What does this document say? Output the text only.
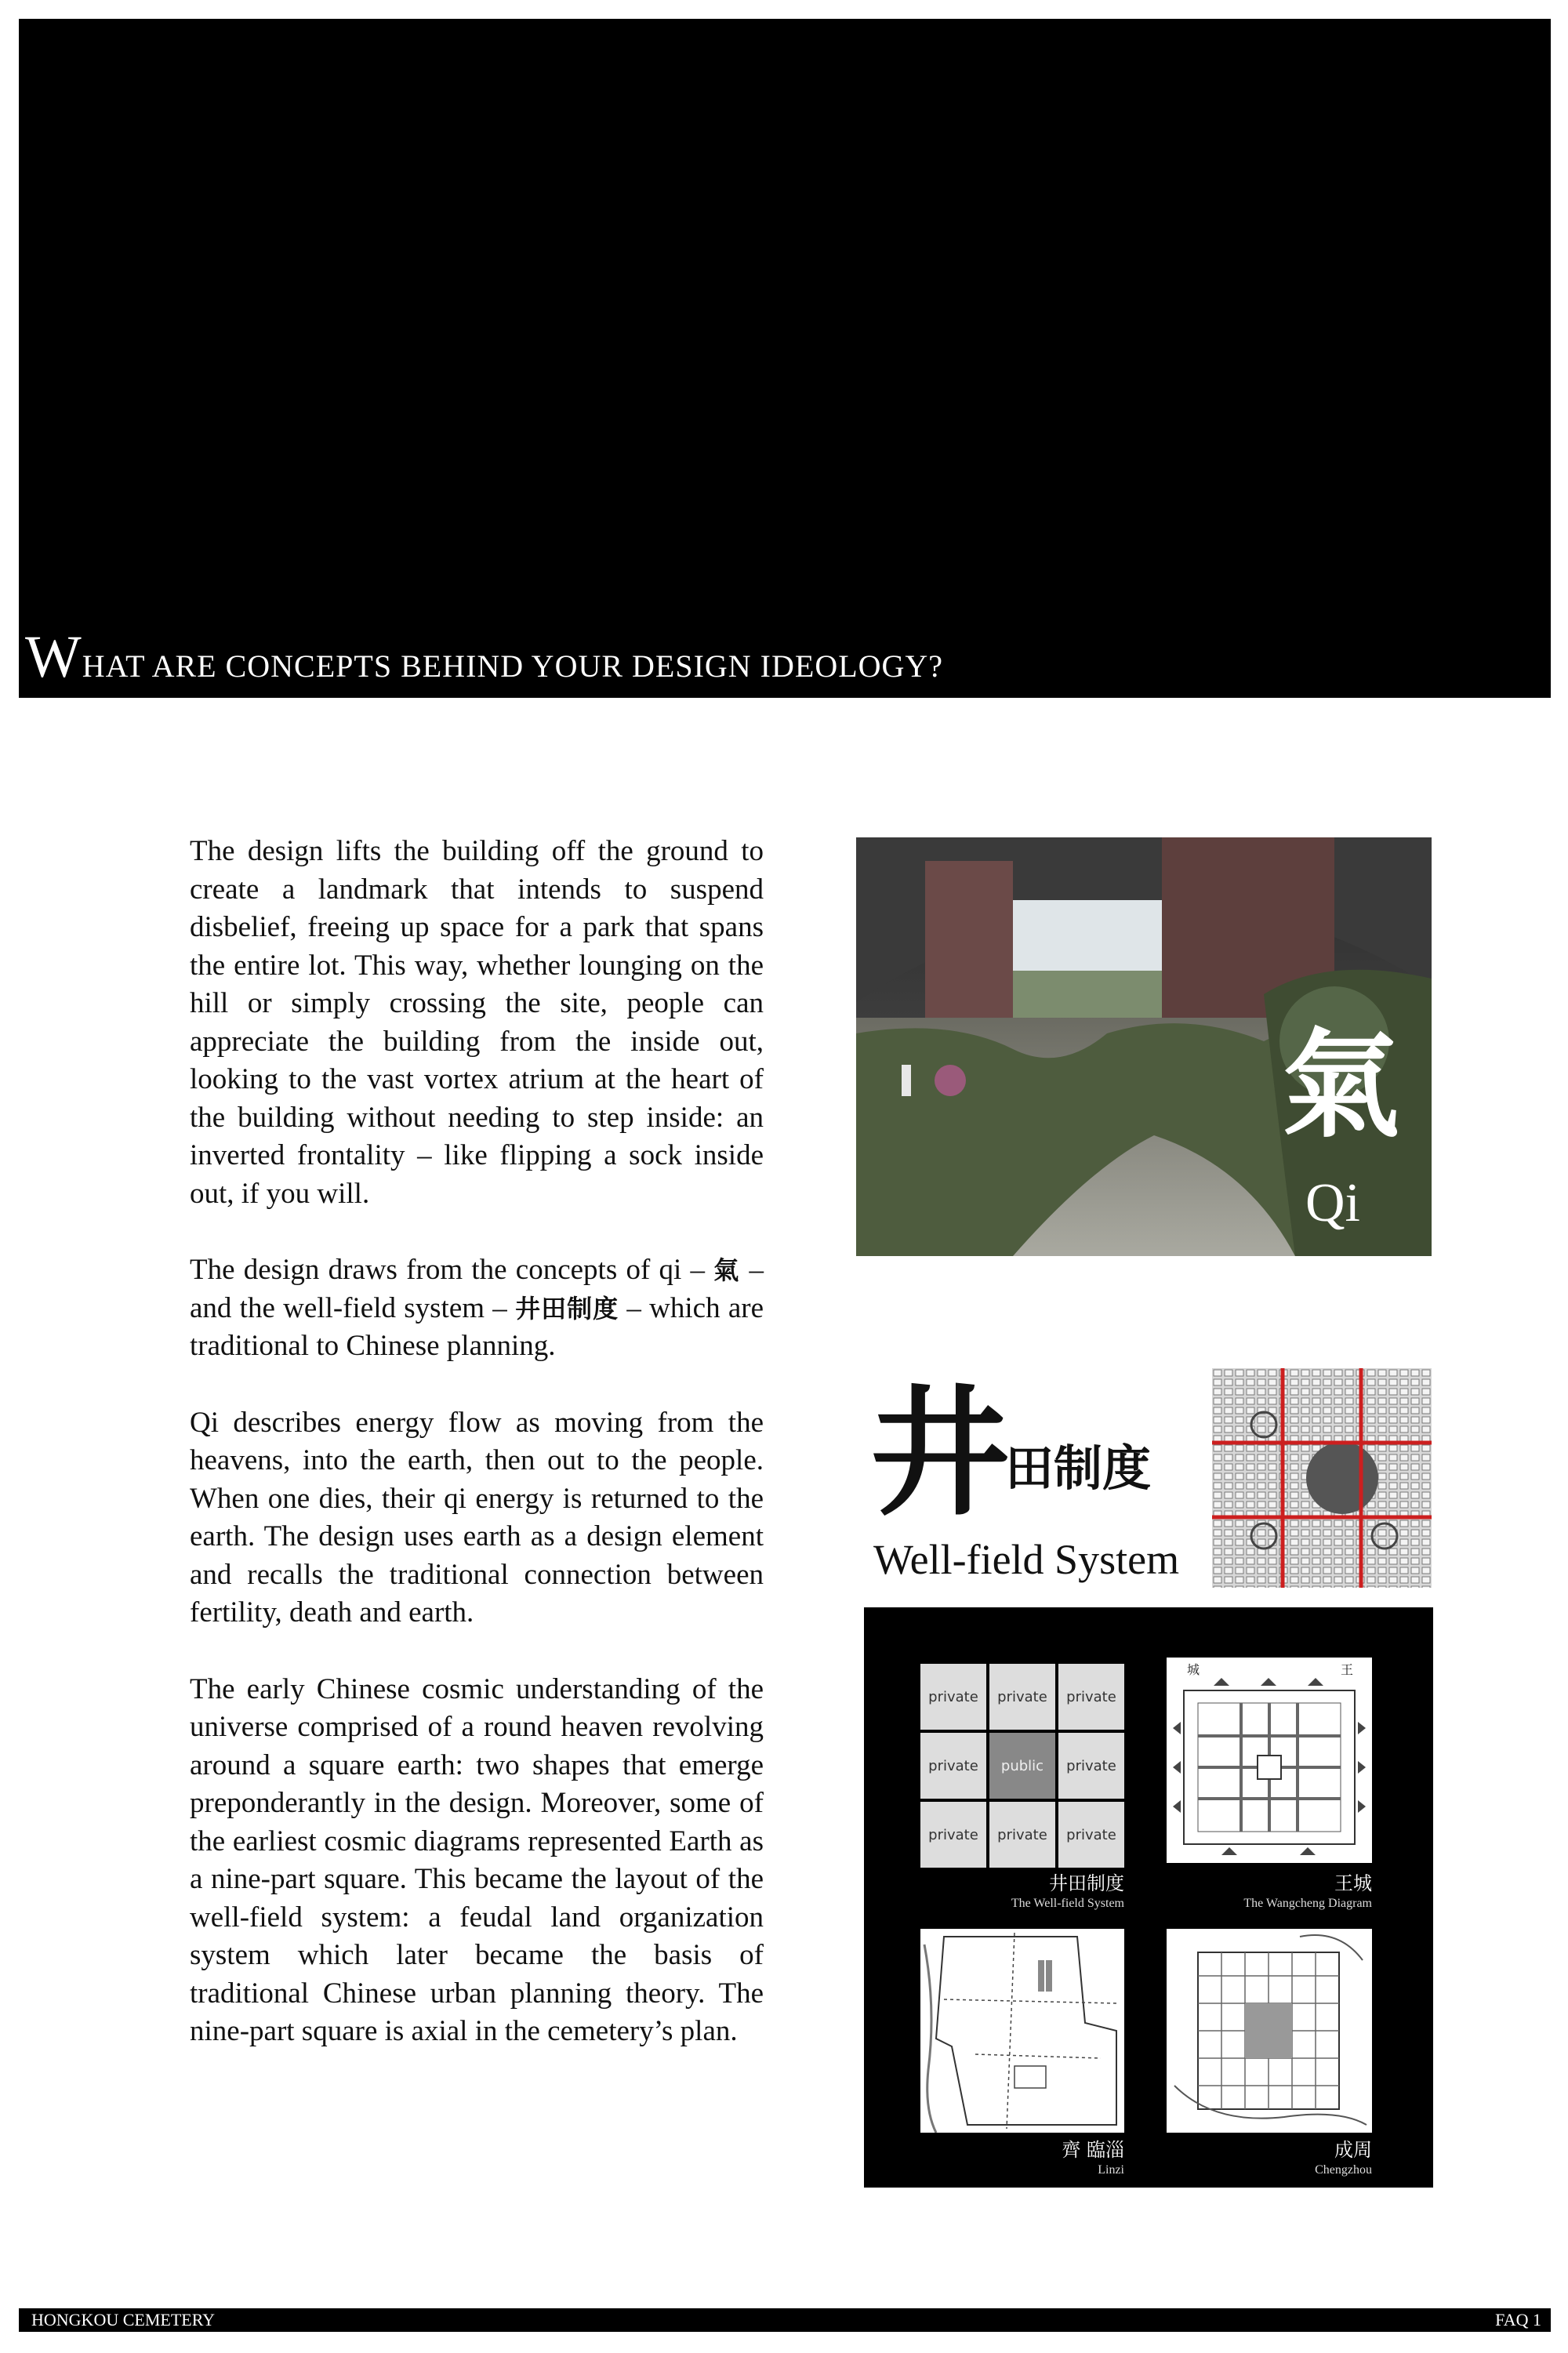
WHAT ARE CONCEPTS BEHIND YOUR DESIGN IDEOLOGY?

The design lifts the building off the ground to create a landmark that intends to suspend disbelief, freeing up space for a park that spans the entire lot. This way, whether lounging on the hill or simply crossing the site, people can appreciate the building from the inside out, looking to the vast vortex atrium at the heart of the building without needing to step inside: an inverted frontality – like flipping a sock inside out, if you will.

The design draws from the concepts of qi – 氣 – and the well-field system – 井田制度 – which are traditional to Chinese planning.

Qi describes energy flow as moving from the heavens, into the earth, then out to the people. When one dies, their qi energy is returned to the earth. The design uses earth as a design element and recalls the traditional connection between fertility, death and earth.

The early Chinese cosmic understanding of the universe comprised of a round heaven revolving around a square earth: two shapes that emerge preponderantly in the design. Moreover, some of the earliest cosmic diagrams represented Earth as a nine-part square. This became the layout of the well-field system: a feudal land organization system which later became the basis of traditional Chinese urban planning theory. The nine-part square is axial in the cemetery’s plan.

氣
Qi
井
田制度
Well-field System
private	private	private
private	public	private
private	private	private
井田制度
The Well-field System
城	王
王城
The Wangcheng Diagram
齊 臨淄
Linzi
成周
Chengzhou
HONGKOU CEMETERY	FAQ 1
